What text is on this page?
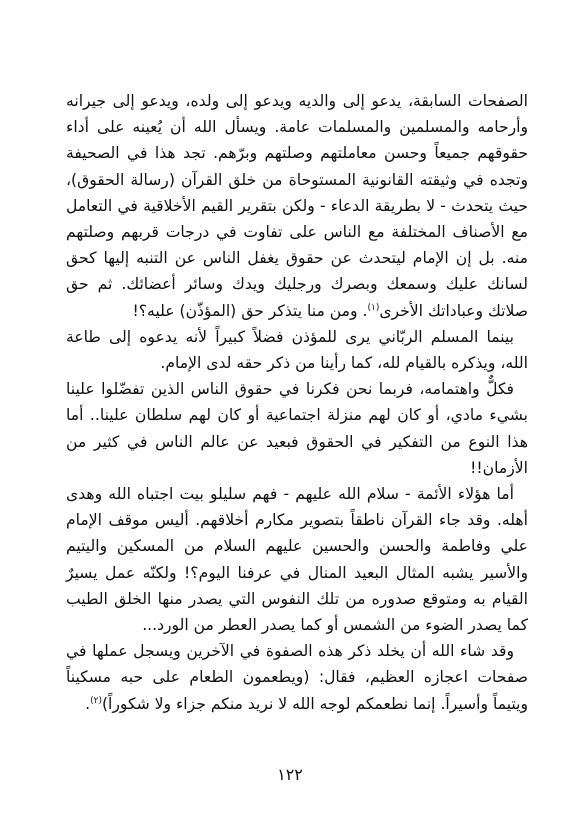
الصفحات السابقة، يدعو إلى والديه ويدعو إلى ولده، ويدعو إلى جيرانه وأرحامه والمسلمين والمسلمات عامة. ويسأل الله أن يُعينه على أداء حقوقهم جميعاً وحسن معاملتهم وصلتهم وبرّهم. تجد هذا في الصحيفة وتجده في وثيقته القانونية المستوحاة من خلق القرآن (رسالة الحقوق)، حيث يتحدث - لا بطريقة الدعاء - ولكن بتقرير القيم الأخلاقية في التعامل مع الأصناف المختلفة مع الناس على تفاوت في درجات قربهم وصلتهم منه. بل إن الإمام ليتحدث عن حقوق يغفل الناس عن التنبه إليها كحق لسانك عليك وسمعك وبصرك ورجليك ويدك وسائر أعضائك. ثم حق صلاتك وعباداتك الأخرى$^{(١)}$. ومن منا يتذكر حق (المؤذّن) عليه؟!

بينما المسلم الربّاني يرى للمؤذن فضلاً كبيراً لأنه يدعوه إلى طاعة الله، ويذكره بالقيام لله، كما رأينا من ذكر حقه لدى الإمام.

فكلٌّ واهتمامه، فربما نحن فكرنا في حقوق الناس الذين تفضّلوا علينا بشيء مادي، أو كان لهم منزلة اجتماعية أو كان لهم سلطان علينا.. أما هذا النوع من التفكير في الحقوق فبعيد عن عالم الناس في كثير من الأزمان!!

أما هؤلاء الأئمة - سلام الله عليهم - فهم سليلو بيت اجتباه الله وهدى أهله. وقد جاء القرآن ناطقاً بتصوير مكارم أخلاقهم. أليس موقف الإمام علي وفاطمة والحسن والحسين عليهم السلام من المسكين واليتيم والأسير يشبه المثال البعيد المنال في عرفنا اليوم؟! ولكنّه عمل يسيرٌ القيام به ومتوقع صدوره من تلك النفوس التي يصدر منها الخلق الطيب كما يصدر الضوء من الشمس أو كما يصدر العطر من الورد...

وقد شاء الله أن يخلد ذكر هذه الصفوة في الآخرين ويسجل عملها في صفحات اعجازه العظيم، فقال: (ويطعمون الطعام على حبه مسكيناً ويتيماً وأسيراً. إنما نطعمكم لوجه الله لا نريد منكم جزاء ولا شكوراً)$^{(٢)}$.

١٢٢
